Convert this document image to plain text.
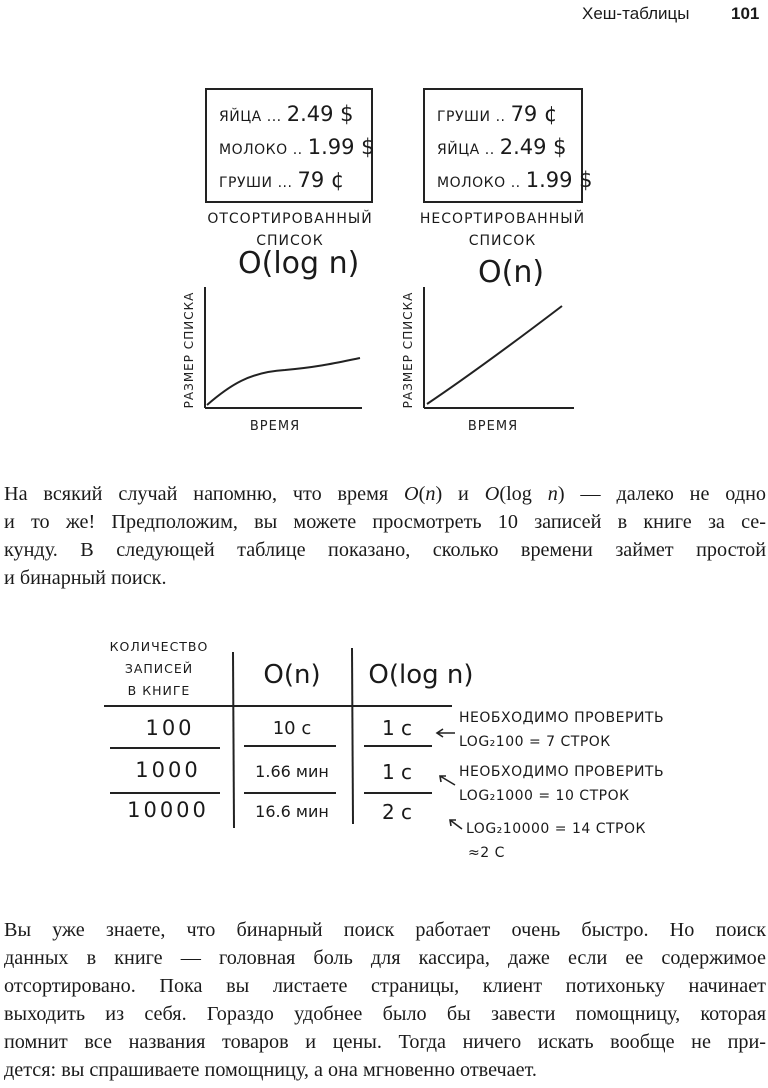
Хеш-таблицы 101
ЯЙЦА ... 2.49 $
МОЛОКО .. 1.99 $
ГРУШИ ... 79 ¢
ГРУШИ .. 79 ¢
ЯЙЦА .. 2.49 $
МОЛОКО .. 1.99 $
ОТСОРТИРОВАННЫЙ
СПИСОК
НЕСОРТИРОВАННЫЙ
СПИСОК
O(log n)	O(n)
РАЗМЕР СПИСКА
ВРЕМЯ
РАЗМЕР СПИСКА
ВРЕМЯ
На всякий случай напомню, что время O(n) и O(log n) — далеко не одно
и то же! Предположим, вы можете просмотреть 10 записей в книге за се-
кунду. В следующей таблице показано, сколько времени займет простой
и бинарный поиск.
КОЛИЧЕСТВО
ЗАПИСЕЙ
В КНИГЕ
O(n)	O(log n)
100	10 c	1 c
1000	1.66 мин	1 c
10000	16.6 мин	2 c
НЕОБХОДИМО ПРОВЕРИТЬ
LOG₂100 = 7 СТРОК
НЕОБХОДИМО ПРОВЕРИТЬ
LOG₂1000 = 10 СТРОК
LOG₂10000 = 14 СТРОК
≈2 С
Вы уже знаете, что бинарный поиск работает очень быстро. Но поиск
данных в книге — головная боль для кассира, даже если ее содержимое
отсортировано. Пока вы листаете страницы, клиент потихоньку начинает
выходить из себя. Гораздо удобнее было бы завести помощницу, которая
помнит все названия товаров и цены. Тогда ничего искать вообще не при-
дется: вы спрашиваете помощницу, а она мгновенно отвечает.
